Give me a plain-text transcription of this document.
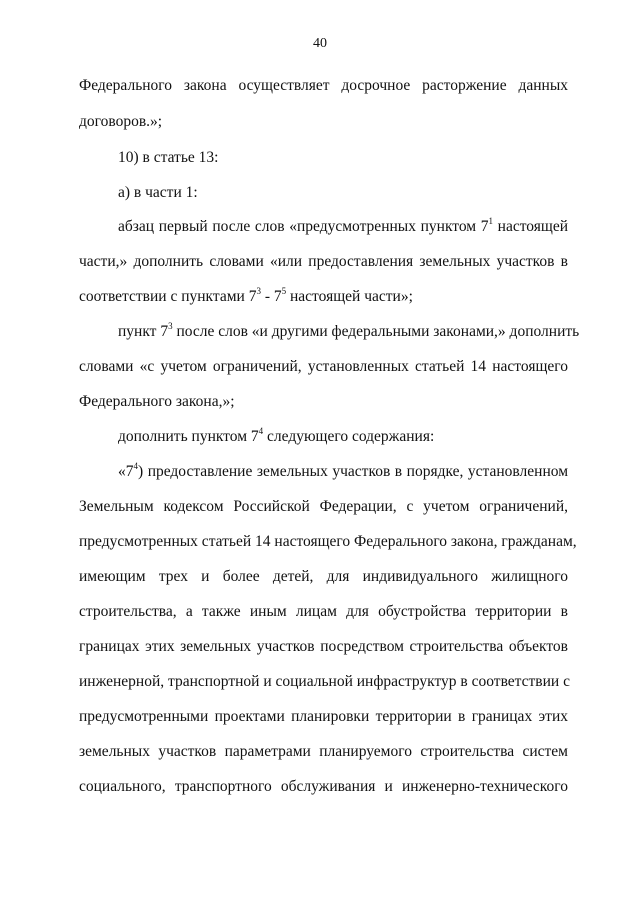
40
Федерального закона осуществляет досрочное расторжение данных
договоров.»;
10) в статье 13:
а) в части 1:
абзац первый после слов «предусмотренных пунктом $7^1$ настоящей
части,» дополнить словами «или предоставления земельных участков в
соответствии с пунктами $7^3 - 7^5$ настоящей части»;
пункт $7^3$ после слов «и другими федеральными законами,» дополнить
словами «с учетом ограничений, установленных статьей 14 настоящего
Федерального закона,»;
дополнить пунктом $7^4$ следующего содержания:
«$7^4$) предоставление земельных участков в порядке, установленном
Земельным кодексом Российской Федерации, с учетом ограничений,
предусмотренных статьей 14 настоящего Федерального закона, гражданам,
имеющим трех и более детей, для индивидуального жилищного
строительства, а также иным лицам для обустройства территории в
границах этих земельных участков посредством строительства объектов
инженерной, транспортной и социальной инфраструктур в соответствии с
предусмотренными проектами планировки территории в границах этих
земельных участков параметрами планируемого строительства систем
социального, транспортного обслуживания и инженерно-технического
